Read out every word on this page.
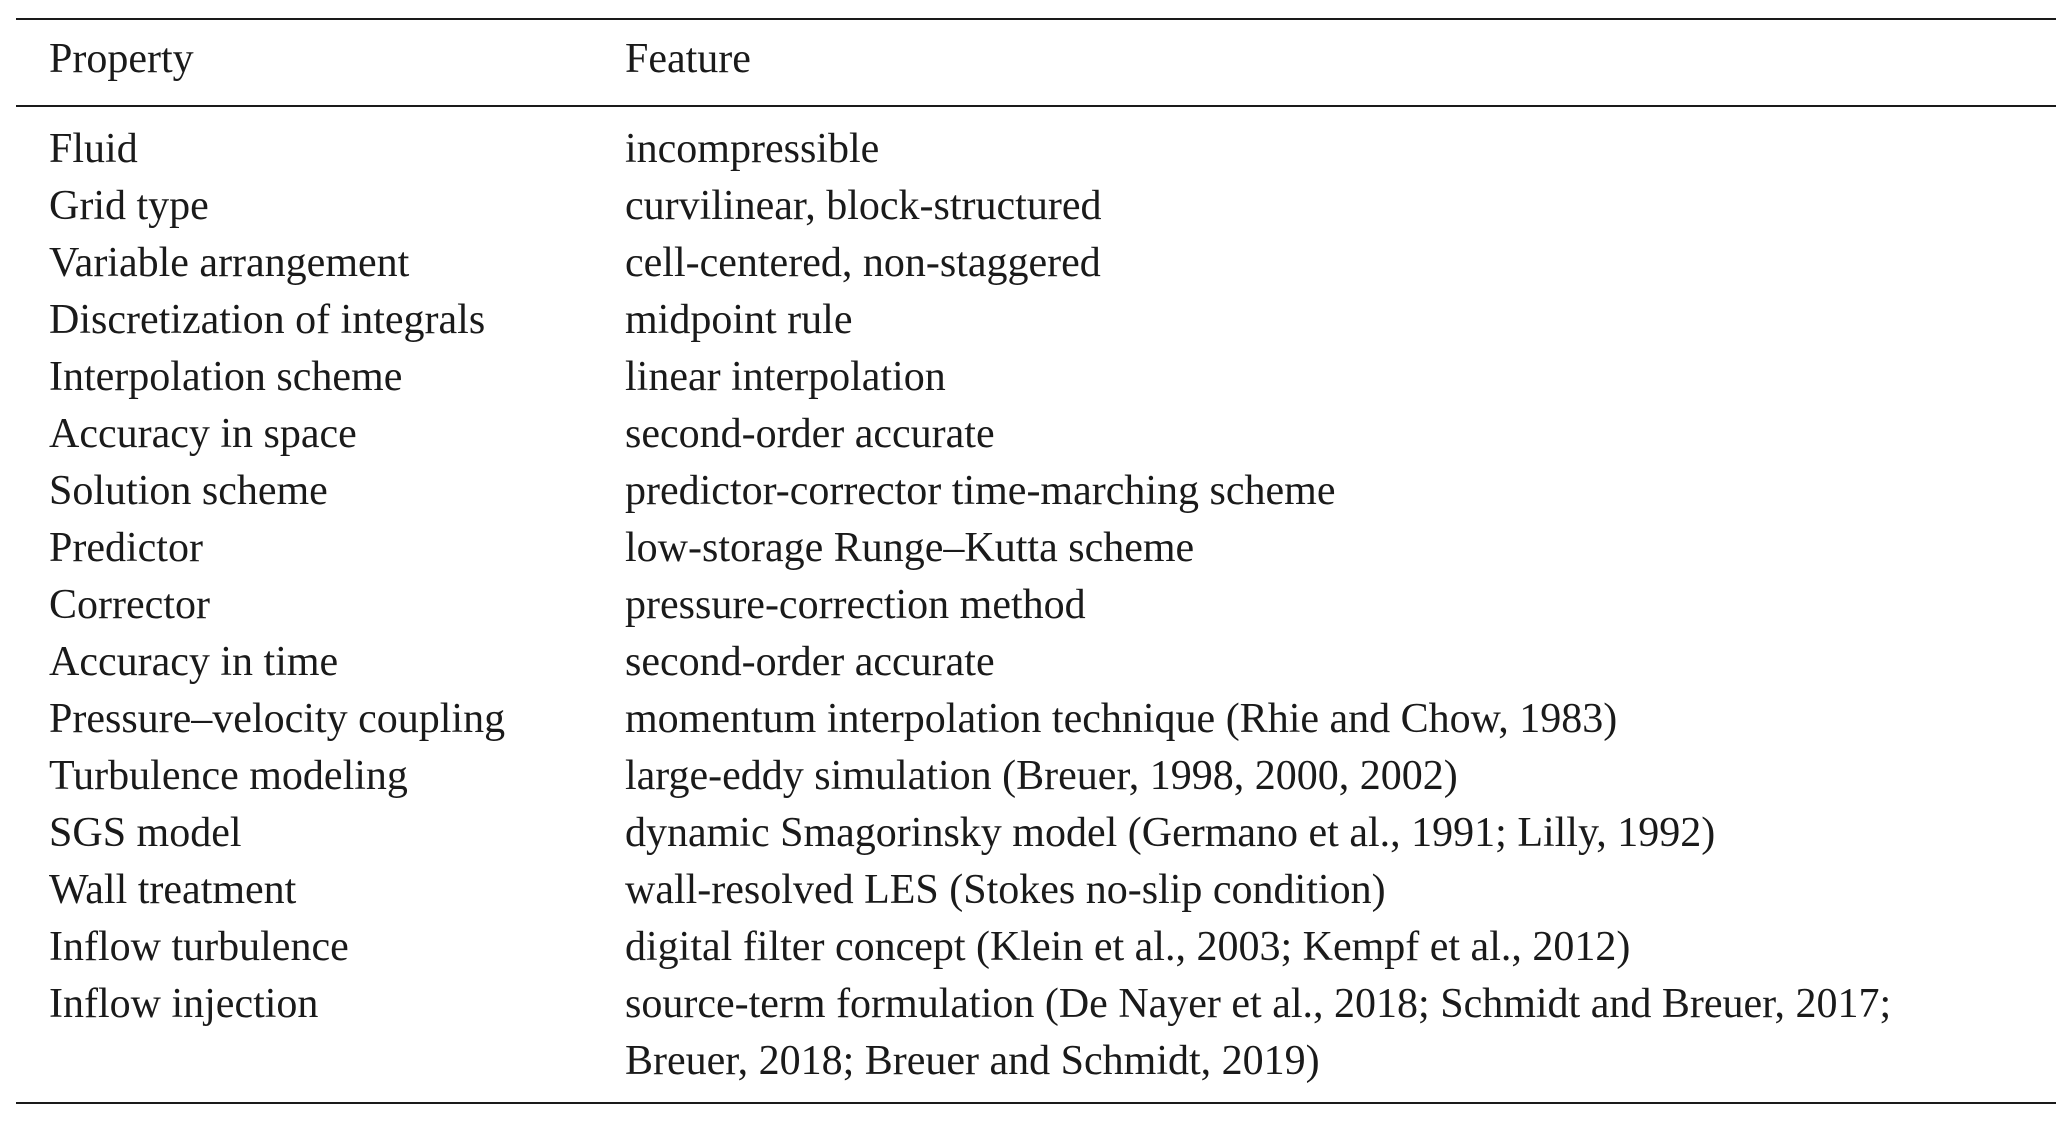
Property	Feature
Fluid	incompressible
Grid type	curvilinear, block-structured
Variable arrangement	cell-centered, non-staggered
Discretization of integrals	midpoint rule
Interpolation scheme	linear interpolation
Accuracy in space	second-order accurate
Solution scheme	predictor-corrector time-marching scheme
Predictor	low-storage Runge–Kutta scheme
Corrector	pressure-correction method
Accuracy in time	second-order accurate
Pressure–velocity coupling	momentum interpolation technique (Rhie and Chow, 1983)
Turbulence modeling	large-eddy simulation (Breuer, 1998, 2000, 2002)
SGS model	dynamic Smagorinsky model (Germano et al., 1991; Lilly, 1992)
Wall treatment	wall-resolved LES (Stokes no-slip condition)
Inflow turbulence	digital filter concept (Klein et al., 2003; Kempf et al., 2012)
Inflow injection	source-term formulation (De Nayer et al., 2018; Schmidt and Breuer, 2017;
Breuer, 2018; Breuer and Schmidt, 2019)
